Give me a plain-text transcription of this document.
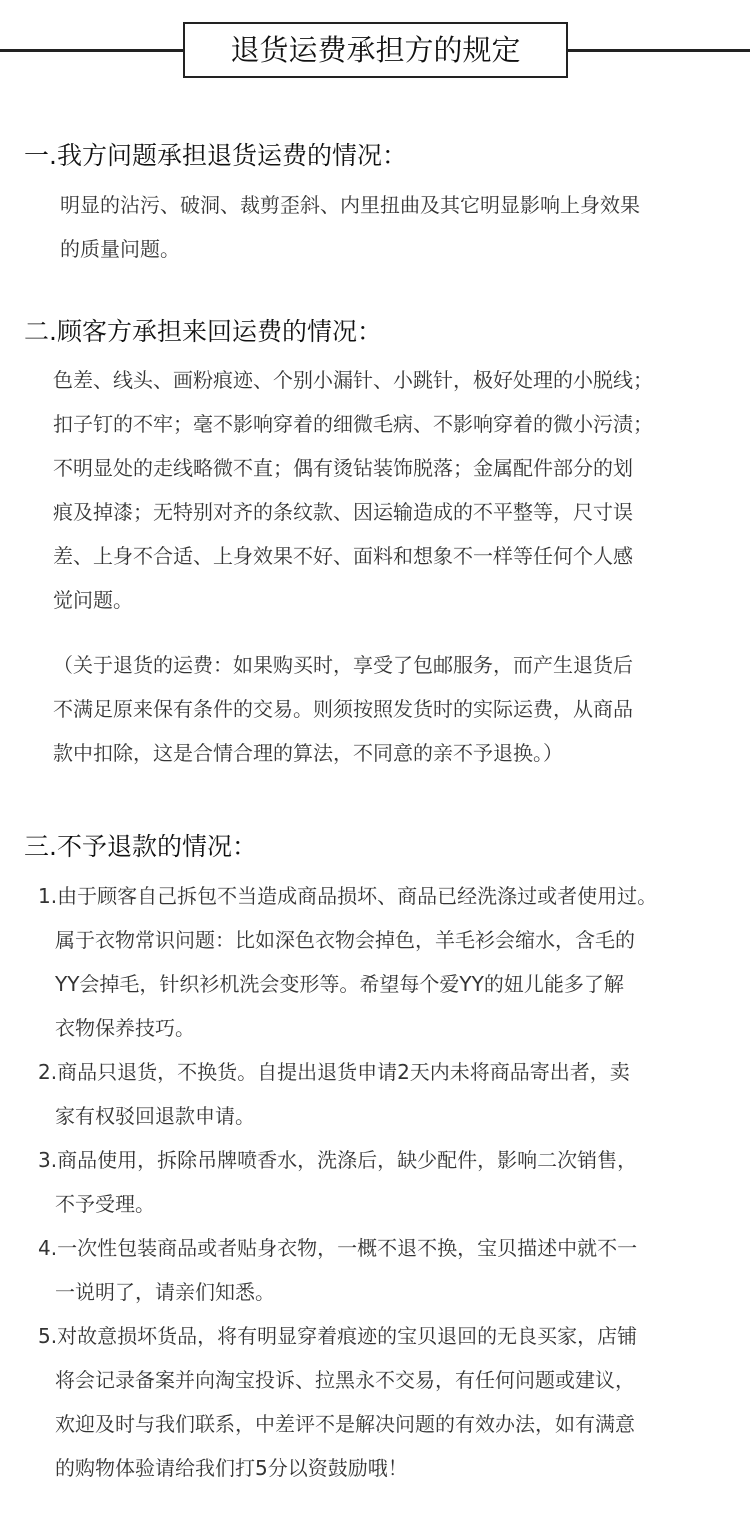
退货运费承担方的规定
一.我方问题承担退货运费的情况：
明显的沾污、破洞、裁剪歪斜、内里扭曲及其它明显影响上身效果
的质量问题。
二.顾客方承担来回运费的情况：
色差、线头、画粉痕迹、个别小漏针、小跳针，极好处理的小脱线；
扣子钉的不牢；毫不影响穿着的细微毛病、不影响穿着的微小污渍；
不明显处的走线略微不直；偶有烫钻装饰脱落；金属配件部分的划
痕及掉漆；无特别对齐的条纹款、因运输造成的不平整等，尺寸误
差、上身不合适、上身效果不好、面料和想象不一样等任何个人感
觉问题。
（关于退货的运费：如果购买时，享受了包邮服务，而产生退货后
不满足原来保有条件的交易。则须按照发货时的实际运费，从商品
款中扣除，这是合情合理的算法，不同意的亲不予退换。）
三.不予退款的情况：
1.由于顾客自己拆包不当造成商品损坏、商品已经洗涤过或者使用过。
属于衣物常识问题：比如深色衣物会掉色，羊毛衫会缩水，含毛的
YY会掉毛，针织衫机洗会变形等。希望每个爱YY的妞儿能多了解
衣物保养技巧。
2.商品只退货，不换货。自提出退货申请2天内未将商品寄出者，卖
家有权驳回退款申请。
3.商品使用，拆除吊牌喷香水，洗涤后，缺少配件，影响二次销售，
不予受理。
4.一次性包装商品或者贴身衣物，一概不退不换，宝贝描述中就不一
一说明了，请亲们知悉。
5.对故意损坏货品，将有明显穿着痕迹的宝贝退回的无良买家，店铺
将会记录备案并向淘宝投诉、拉黑永不交易，有任何问题或建议，
欢迎及时与我们联系，中差评不是解决问题的有效办法，如有满意
的购物体验请给我们打5分以资鼓励哦！
